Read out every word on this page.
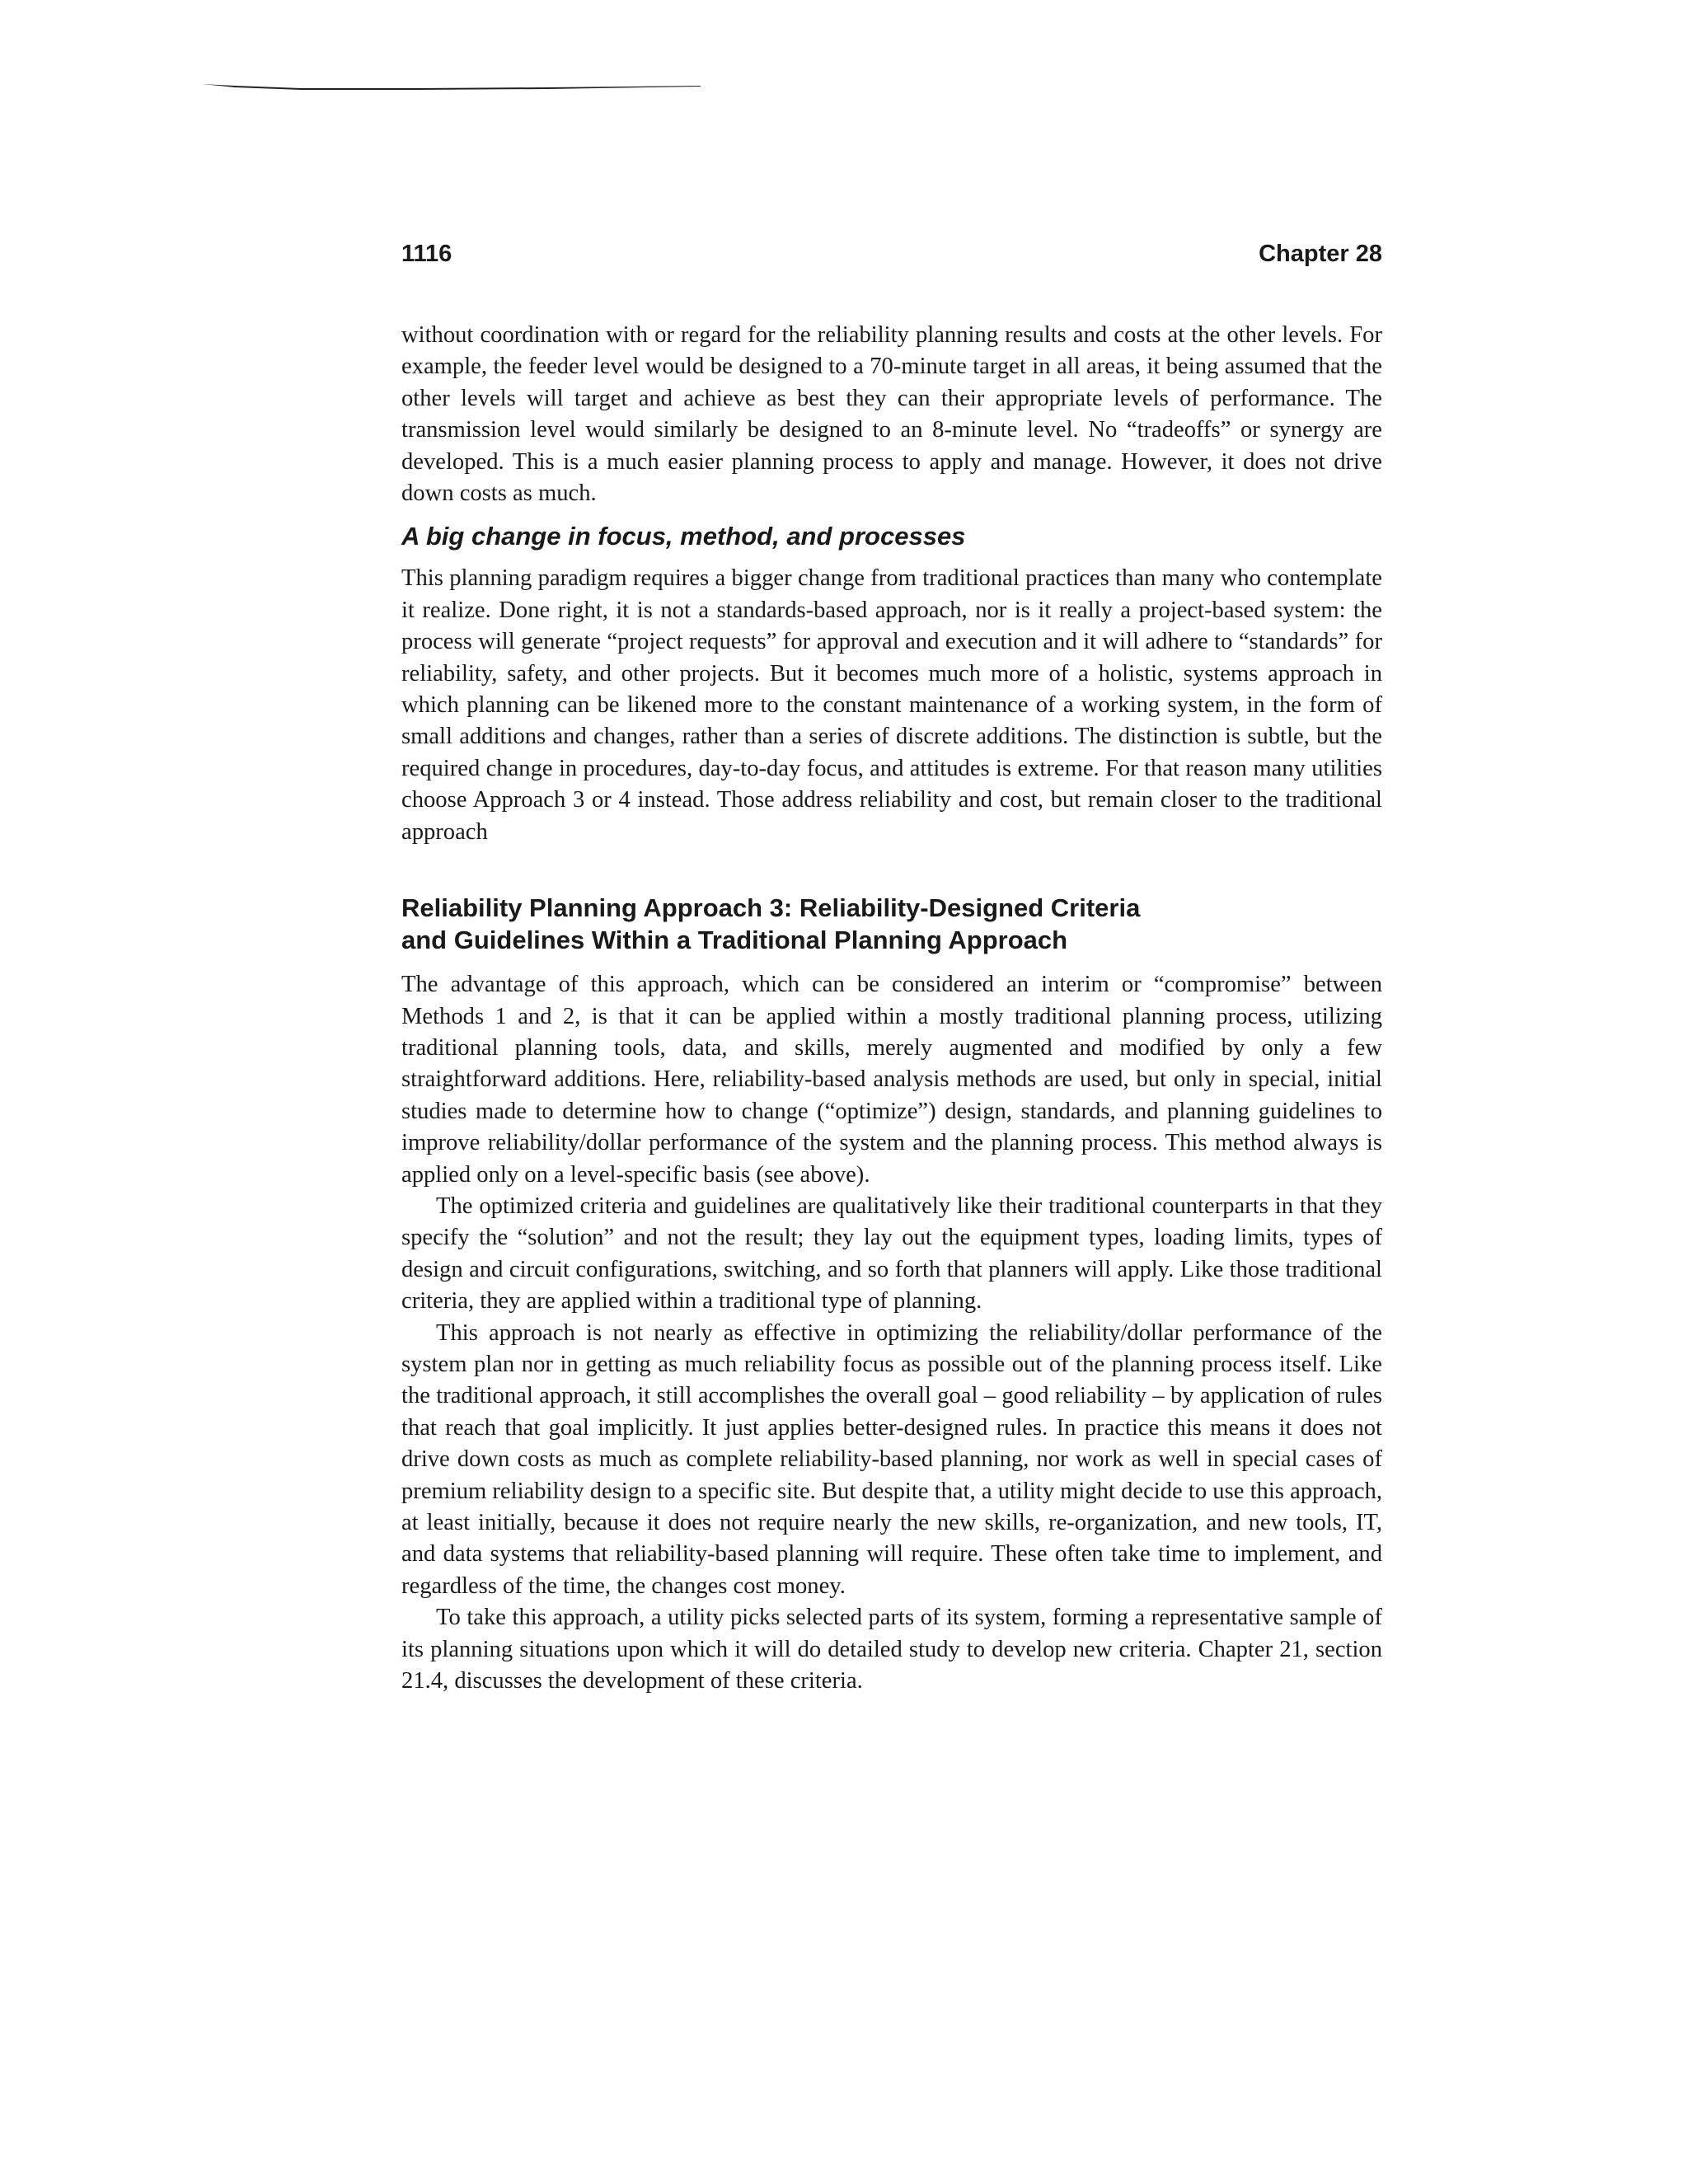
1116	Chapter 28

without coordination with or regard for the reliability planning results and costs at the other levels. For example, the feeder level would be designed to a 70-minute target in all areas, it being assumed that the other levels will target and achieve as best they can their appropriate levels of performance. The transmission level would similarly be designed to an 8-minute level. No “tradeoffs” or synergy are developed. This is a much easier planning process to apply and manage. However, it does not drive down costs as much.

A big change in focus, method, and processes

This planning paradigm requires a bigger change from traditional practices than many who contemplate it realize. Done right, it is not a standards-based approach, nor is it really a project-based system: the process will generate “project requests” for approval and execution and it will adhere to “standards” for reliability, safety, and other projects. But it becomes much more of a holistic, systems approach in which planning can be likened more to the constant maintenance of a working system, in the form of small additions and changes, rather than a series of discrete additions. The distinction is subtle, but the required change in procedures, day-to-day focus, and attitudes is extreme. For that reason many utilities choose Approach 3 or 4 instead. Those address reliability and cost, but remain closer to the traditional approach

Reliability Planning Approach 3: Reliability-Designed Criteria
and Guidelines Within a Traditional Planning Approach

The advantage of this approach, which can be considered an interim or “compromise” between Methods 1 and 2, is that it can be applied within a mostly traditional planning process, utilizing traditional planning tools, data, and skills, merely augmented and modified by only a few straightforward additions. Here, reliability-based analysis methods are used, but only in special, initial studies made to determine how to change (“optimize”) design, standards, and planning guidelines to improve reliability/dollar performance of the system and the planning process. This method always is applied only on a level-specific basis (see above).

The optimized criteria and guidelines are qualitatively like their traditional counterparts in that they specify the “solution” and not the result; they lay out the equipment types, loading limits, types of design and circuit configurations, switching, and so forth that planners will apply. Like those traditional criteria, they are applied within a traditional type of planning.

This approach is not nearly as effective in optimizing the reliability/dollar performance of the system plan nor in getting as much reliability focus as possible out of the planning process itself. Like the traditional approach, it still accomplishes the overall goal – good reliability – by application of rules that reach that goal implicitly. It just applies better-designed rules. In practice this means it does not drive down costs as much as complete reliability-based planning, nor work as well in special cases of premium reliability design to a specific site. But despite that, a utility might decide to use this approach, at least initially, because it does not require nearly the new skills, re-organization, and new tools, IT, and data systems that reliability-based planning will require. These often take time to implement, and regardless of the time, the changes cost money.

To take this approach, a utility picks selected parts of its system, forming a representative sample of its planning situations upon which it will do detailed study to develop new criteria. Chapter 21, section 21.4, discusses the development of these criteria.
